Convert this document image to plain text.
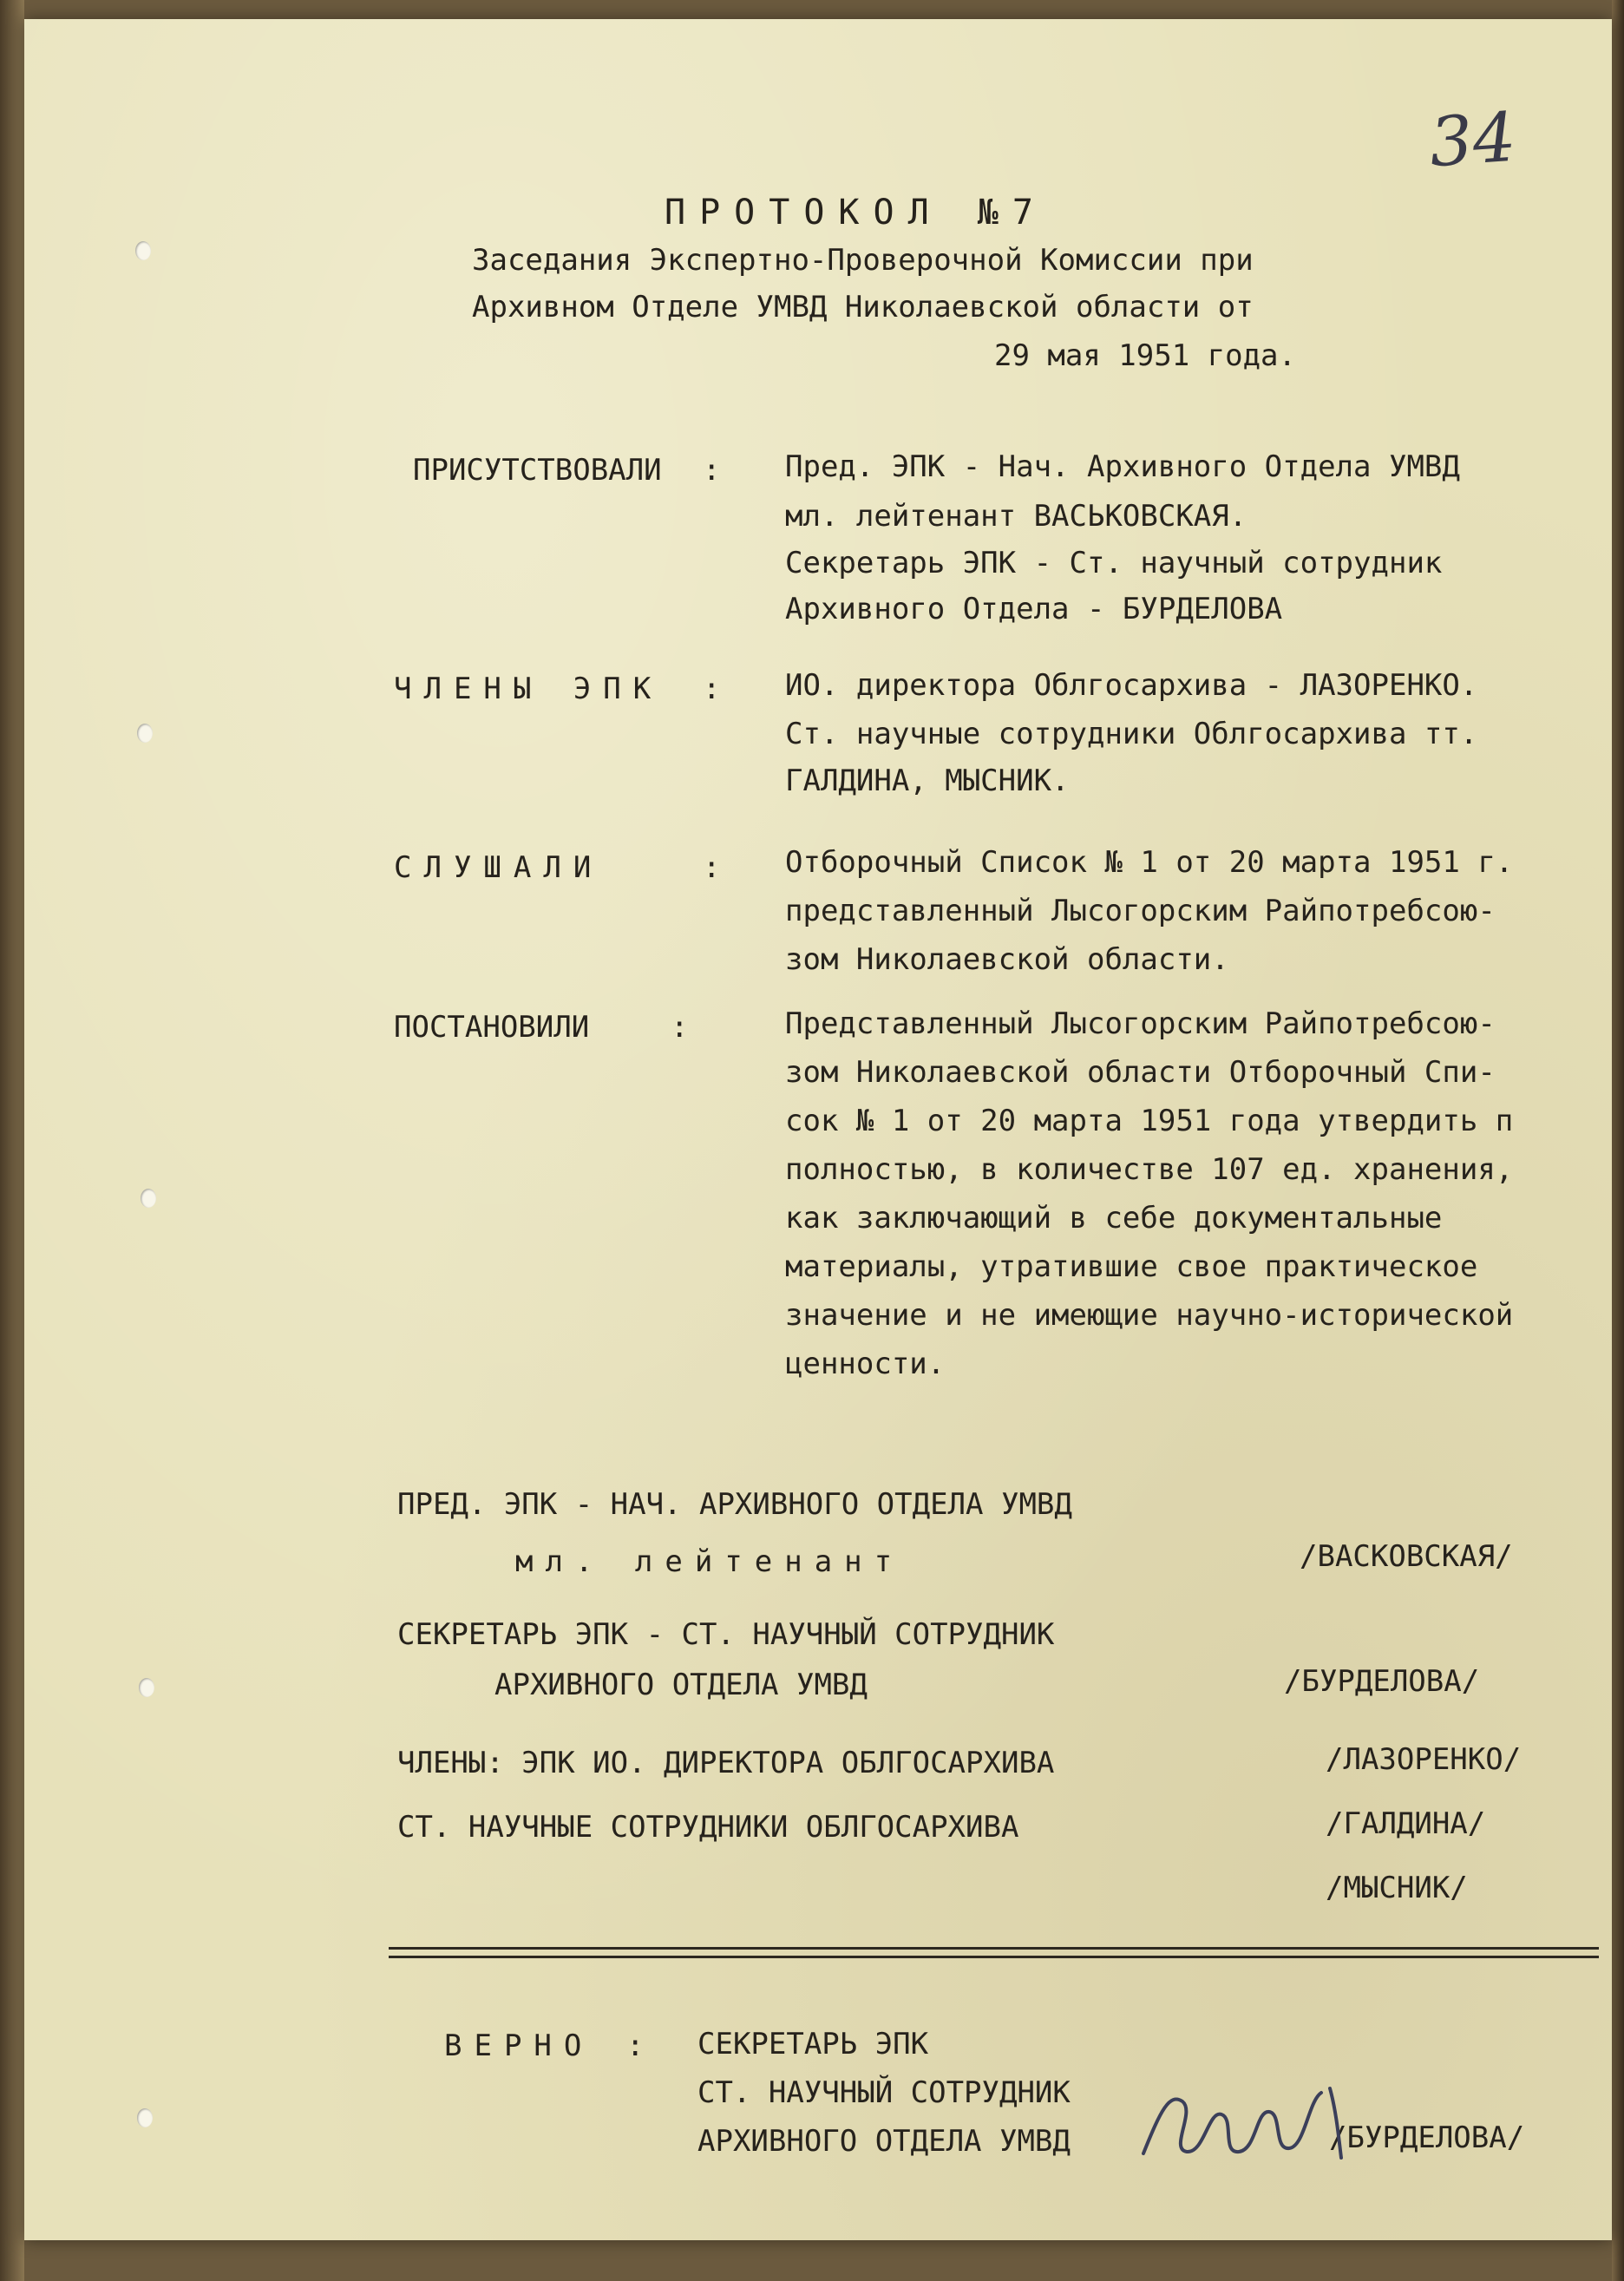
34
ПРОТОКОЛ №7
Заседания Экспертно-Проверочной Комиссии при
Архивном Отделе УМВД Николаевской области от
29 мая 1951 года.
ПРИСУТСТВОВАЛИ : Пред. ЭПК - Нач. Архивного Отдела УМВД
мл. лейтенант ВАСЬКОВСКАЯ.
Секретарь ЭПК - Ст. научный сотрудник
Архивного Отдела - БУРДЕЛОВА
ЧЛЕНЫ ЭПК : ИО. директора Облгосархива - ЛАЗОРЕНКО.
Ст. научные сотрудники Облгосархива тт.
ГАЛДИНА, МЫСНИК.
СЛУШАЛИ	: Отборочный Список № 1 от 20 марта 1951 г.
представленный Лысогорским Райпотребсою-
зом Николаевской области.
ПОСТАНОВИЛИ	:	Представленный Лысогорским Райпотребсою-
зом Николаевской области Отборочный Спи-
сок № 1 от 20 марта 1951 года утвердить п
полностью, в количестве 107 ед. хранения,
как заключающий в себе документальные
материалы, утратившие свое практическое
значение и не имеющие научно-исторической
ценности.
ПРЕД. ЭПК - НАЧ. АРХИВНОГО ОТДЕЛА УМВД
мл. лейтенант	/ВАСКОВСКАЯ/
СЕКРЕТАРЬ ЭПК - СТ. НАУЧНЫЙ СОТРУДНИК
АРХИВНОГО ОТДЕЛА УМВД	/БУРДЕЛОВА/
ЧЛЕНЫ: ЭПК ИО. ДИРЕКТОРА ОБЛГОСАРХИВА	/ЛАЗОРЕНКО/
СТ. НАУЧНЫЕ СОТРУДНИКИ ОБЛГОСАРХИВА	/ГАЛДИНА/
/МЫСНИК/
ВЕРНО : СЕКРЕТАРЬ ЭПК
СТ. НАУЧНЫЙ СОТРУДНИК
АРХИВНОГО ОТДЕЛА УМВД	/БУРДЕЛОВА/
